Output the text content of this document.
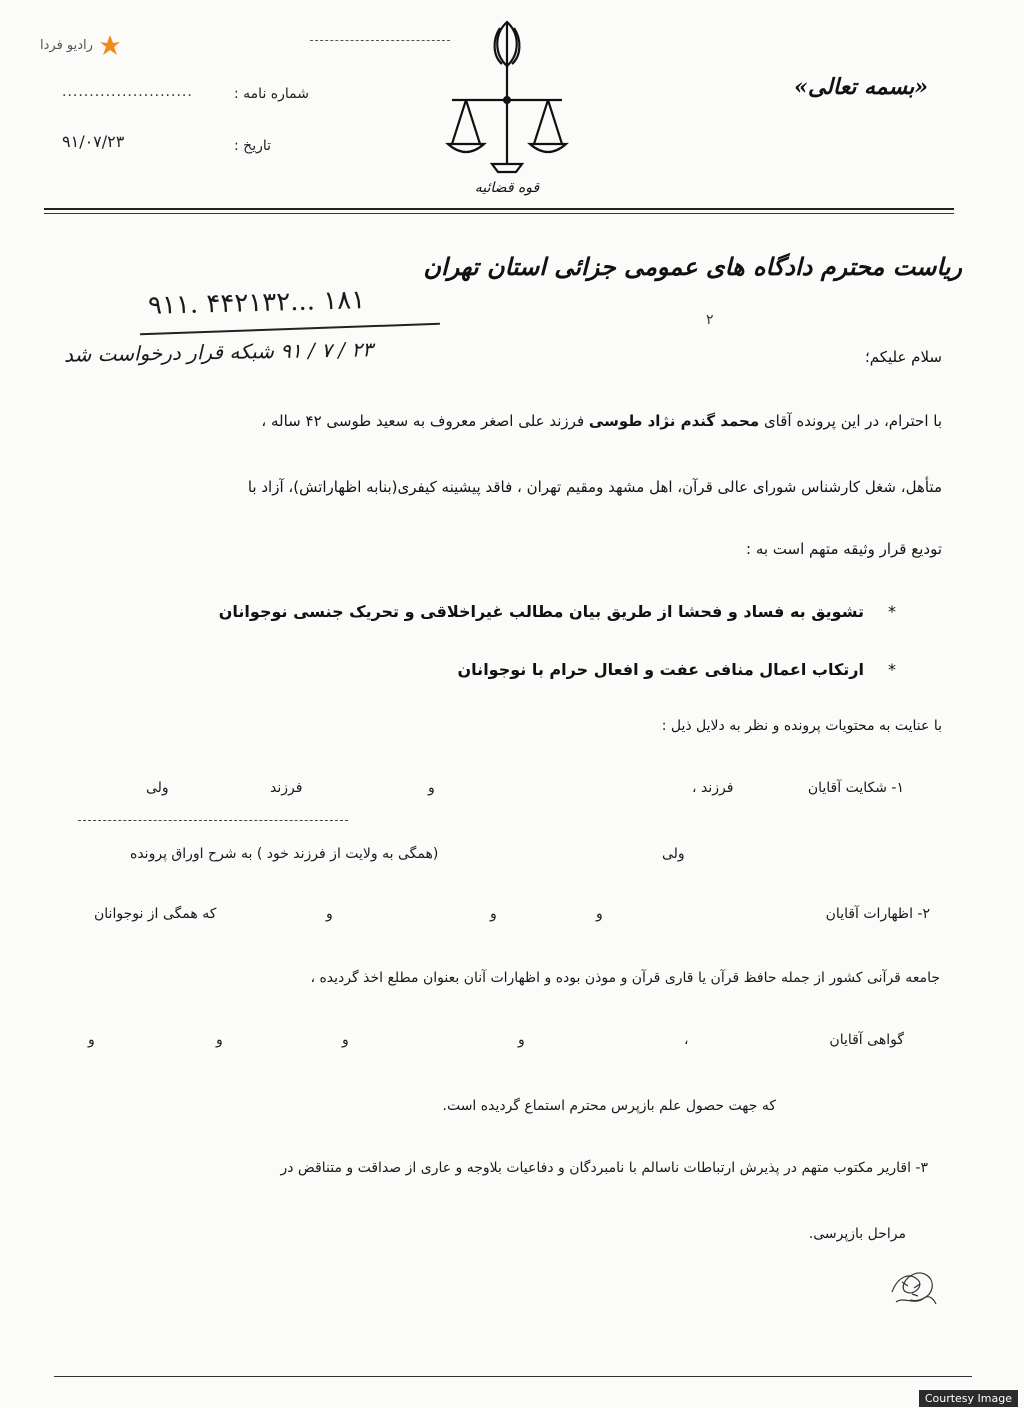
رادیو فردا
قوه قضائیه
«بسمه تعالی»
شماره نامه :
........................
تاریخ :
۹۱/۰۷/۲۳
ریاست محترم دادگاه های عمومی جزائی استان تهران
۹۱۱. ۴۴۲۱۳۲... ۱۸۱
۲۳ / ۷ / ۹۱ شبکه قرار درخواست شد
۲
سلام علیکم؛
با احترام، در این پرونده آقای محمد گندم نژاد طوسی فرزند علی اصغر معروف به سعید طوسی ۴۲ ساله ،
متأهل، شغل کارشناس شورای عالی قرآن، اهل مشهد ومقیم تهران ، فاقد پیشینه کیفری(بنابه اظهاراتش)، آزاد با
تودیع قرار وثیقه متهم است به :
*
تشویق به فساد و فحشا از طریق بیان مطالب غیراخلاقی و تحریک جنسی نوجوانان
*
ارتکاب اعمال منافی عفت و افعال حرام با نوجوانان
با عنایت به محتویات پرونده و نظر به دلایل ذیل :
۱- شکایت آقایان
فرزند ،
و
فرزند
ولی
ولی
(همگی به ولایت از فرزند خود ) به شرح اوراق پرونده
۲- اظهارات آقایان
و
و
و
که همگی از نوجوانان
جامعه قرآنی کشور از جمله حافظ قرآن یا قاری قرآن و موذن بوده و اظهارات آنان بعنوان مطلع اخذ گردیده ،
گواهی آقایان
،
و
و
و
و
که جهت حصول علم بازپرس محترم استماع گردیده است.
۳- اقاریر مکتوب متهم در پذیرش ارتباطات ناسالم با نامبردگان و دفاعیات بلاوجه و عاری از صداقت و متناقض در
مراحل بازپرسی.
Courtesy Image
